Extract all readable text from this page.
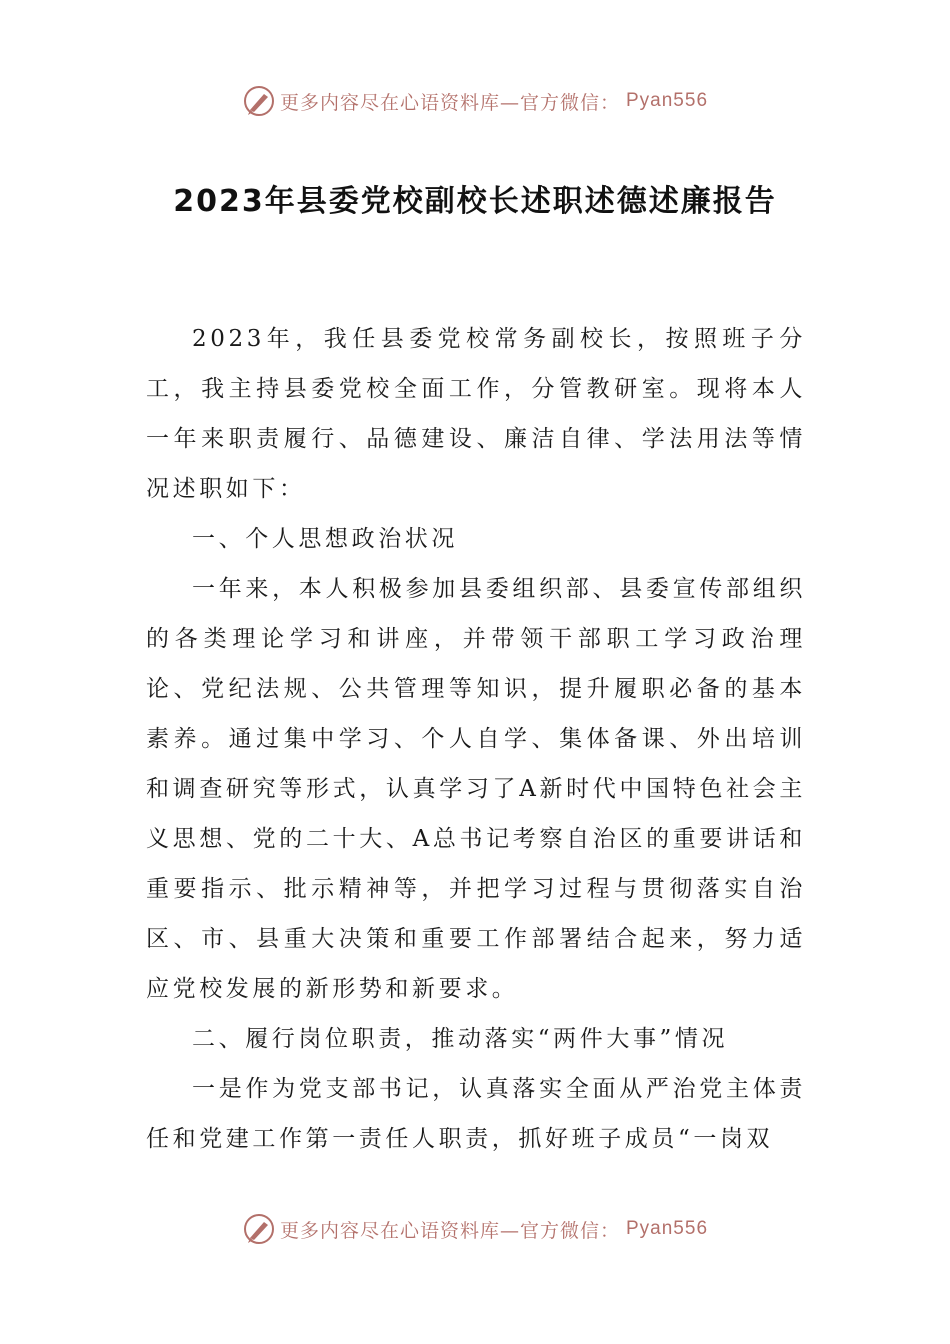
更多内容尽在心语资料库—官方微信： Pyan556
2023年县委党校副校长述职述德述廉报告

2023年，我任县委党校常务副校长，按照班子分工，我主持县委党校全面工作，分管教研室。现将本人一年来职责履行、品德建设、廉洁自律、学法用法等情况述职如下：

一、个人思想政治状况

一年来，本人积极参加县委组织部、县委宣传部组织的各类理论学习和讲座，并带领干部职工学习政治理论、党纪法规、公共管理等知识，提升履职必备的基本素养。通过集中学习、个人自学、集体备课、外出培训和调查研究等形式，认真学习了A新时代中国特色社会主义思想、党的二十大、A总书记考察自治区的重要讲话和重要指示、批示精神等，并把学习过程与贯彻落实自治区、市、县重大决策和重要工作部署结合起来，努力适应党校发展的新形势和新要求。

二、履行岗位职责，推动落实“两件大事”情况

一是作为党支部书记，认真落实全面从严治党主体责任和党建工作第一责任人职责，抓好班子成员“一岗双

更多内容尽在心语资料库—官方微信： Pyan556
